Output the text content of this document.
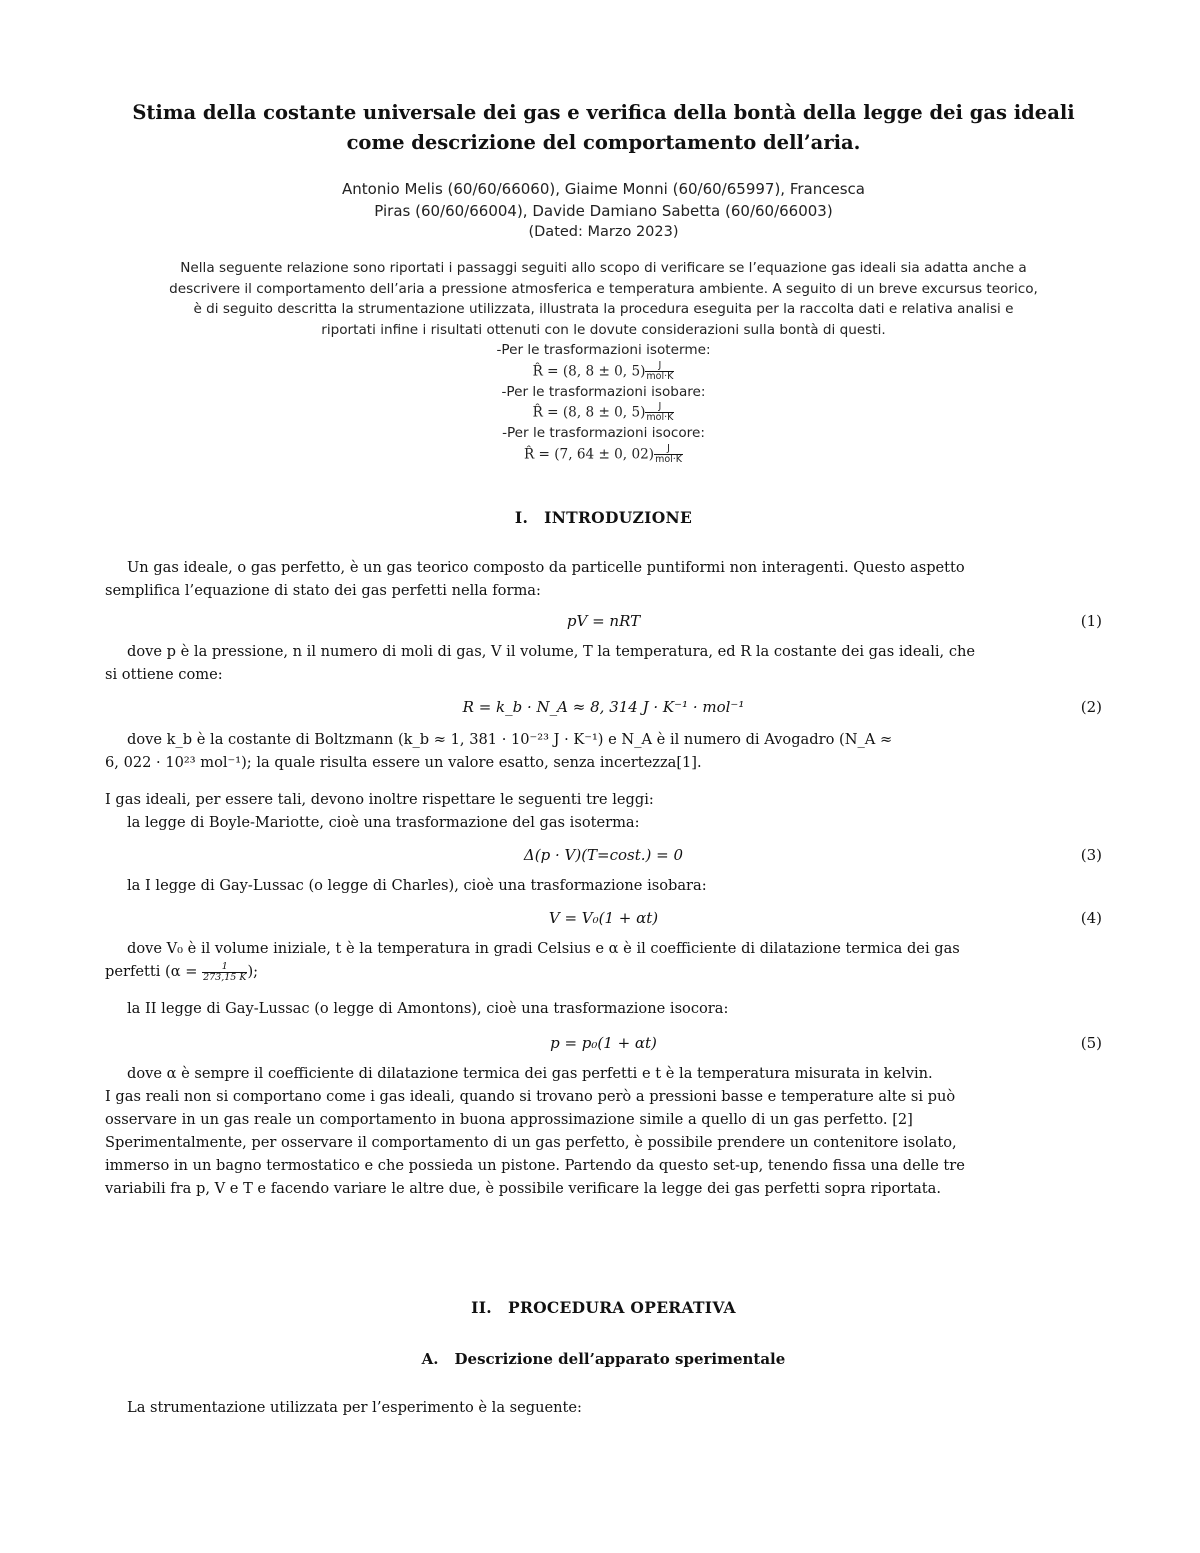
Stima della costante universale dei gas e verifica della bontà della legge dei gas ideali

come descrizione del comportamento dell’aria.

Antonio Melis (60/60/66060), Giaime Monni (60/60/65997), Francesca
Piras (60/60/66004), Davide Damiano Sabetta (60/60/66003)
(Dated: Marzo 2023)
Nella seguente relazione sono riportati i passaggi seguiti allo scopo di verificare se l’equazione gas ideali sia adatta anche a
descrivere il comportamento dell’aria a pressione atmosferica e temperatura ambiente. A seguito di un breve excursus teorico,
è di seguito descritta la strumentazione utilizzata, illustrata la procedura eseguita per la raccolta dati e relativa analisi e
riportati infine i risultati ottenuti con le dovute considerazioni sulla bontà di questi.
-Per le trasformazioni isoterme:
R̂ = (8, 8 ± 0, $5) \frac{J}{\text{mol·K}}$
-Per le trasformazioni isobare:
R̂ = (8, 8 ± 0, $5) \frac{J}{\text{mol·K}}$
-Per le trasformazioni isocore:
R̂ = (7, 64 ± 0, $02) \frac{J}{\text{mol·K}}$

I. INTRODUZIONE

Un gas ideale, o gas perfetto, è un gas teorico composto da particelle puntiformi non interagenti. Questo aspetto

semplifica l’equazione di stato dei gas perfetti nella forma:

pV = nRT	(1)

dove p è la pressione, n il numero di moli di gas, V il volume, T la temperatura, ed R la costante dei gas ideali, che

si ottiene come:

R = k_b · N_A ≈ 8, 314 J · K⁻¹ · mol⁻¹	(2)

dove k_b è la costante di Boltzmann (k_b ≈ 1, 381 · 10⁻²³ J · K⁻¹) e N_A è il numero di Avogadro (N_A ≈

6, 022 · 10²³ mol⁻¹); la quale risulta essere un valore esatto, senza incertezza[1].

I gas ideali, per essere tali, devono inoltre rispettare le seguenti tre leggi:

la legge di Boyle-Mariotte, cioè una trasformazione del gas isoterma:

Δ(p · V)(T=cost.) = 0	(3)

la I legge di Gay-Lussac (o legge di Charles), cioè una trasformazione isobara:

V = V₀(1 + αt)	(4)

dove V₀ è il volume iniziale, t è la temperatura in gradi Celsius e α è il coefficiente di dilatazione termica dei gas

perfetti ($\alpha = \frac{1}{273,15 K}$ );

la II legge di Gay-Lussac (o legge di Amontons), cioè una trasformazione isocora:

p = p₀(1 + αt)	(5)

dove α è sempre il coefficiente di dilatazione termica dei gas perfetti e t è la temperatura misurata in kelvin.

I gas reali non si comportano come i gas ideali, quando si trovano però a pressioni basse e temperature alte si può

osservare in un gas reale un comportamento in buona approssimazione simile a quello di un gas perfetto. [2]

Sperimentalmente, per osservare il comportamento di un gas perfetto, è possibile prendere un contenitore isolato,

immerso in un bagno termostatico e che possieda un pistone. Partendo da questo set-up, tenendo fissa una delle tre

variabili fra p, V e T e facendo variare le altre due, è possibile verificare la legge dei gas perfetti sopra riportata.

II. PROCEDURA OPERATIVA

A. Descrizione dell’apparato sperimentale

La strumentazione utilizzata per l’esperimento è la seguente:
